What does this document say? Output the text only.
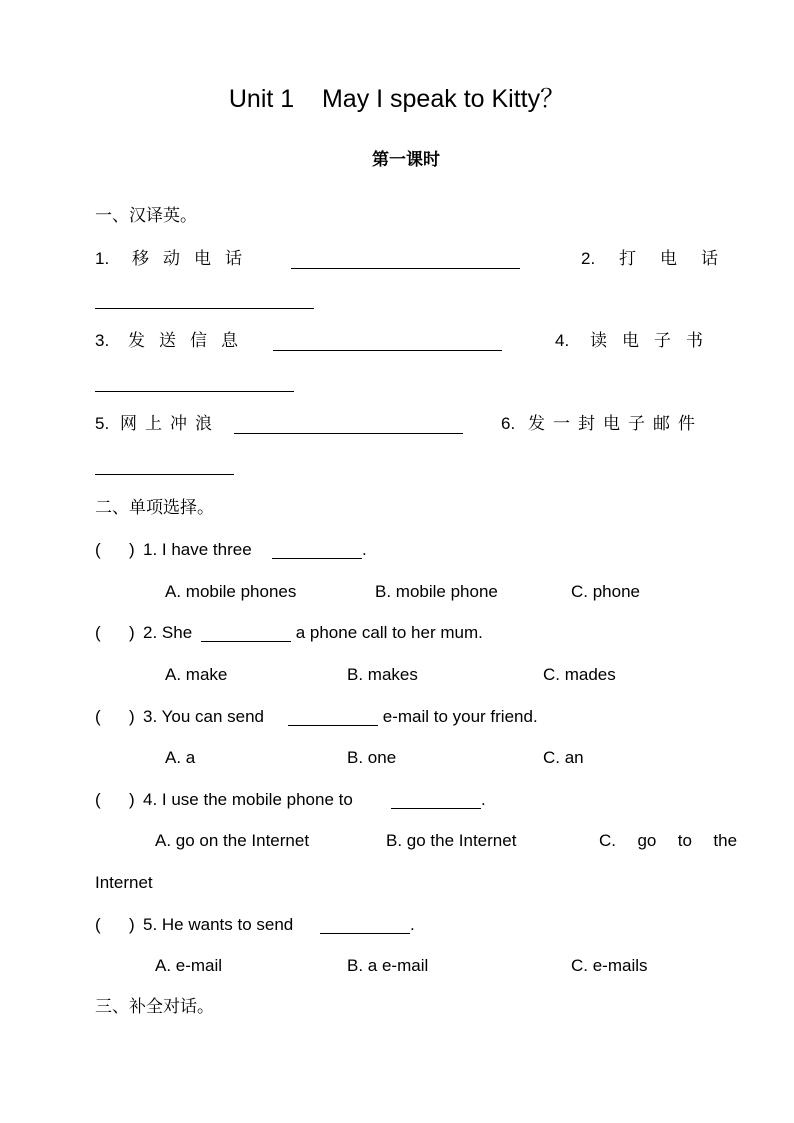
Unit 1    May I speak to Kitty？
第一课时
一、汉译英。
1. 移动电话	2. 打电话
3. 发送信息	4. 读电子书
5. 网上冲浪	6. 发一封电子邮件
二、单项选择。
(      ) 1. I have three	.
A. mobile phones	B. mobile phone	C. phone
(      ) 2. She	a phone call to her mum.
A. make	B. makes	C. mades
(      ) 3. You can send	e-mail to your friend.
A. a	B. one	C. an
(      ) 4. I use the mobile phone to	.
A. go on the Internet	B. go the Internet	C.  go  to  the
Internet
(      ) 5. He wants to send	.
A. e-mail	B. a e-mail	C. e-mails
三、补全对话。
